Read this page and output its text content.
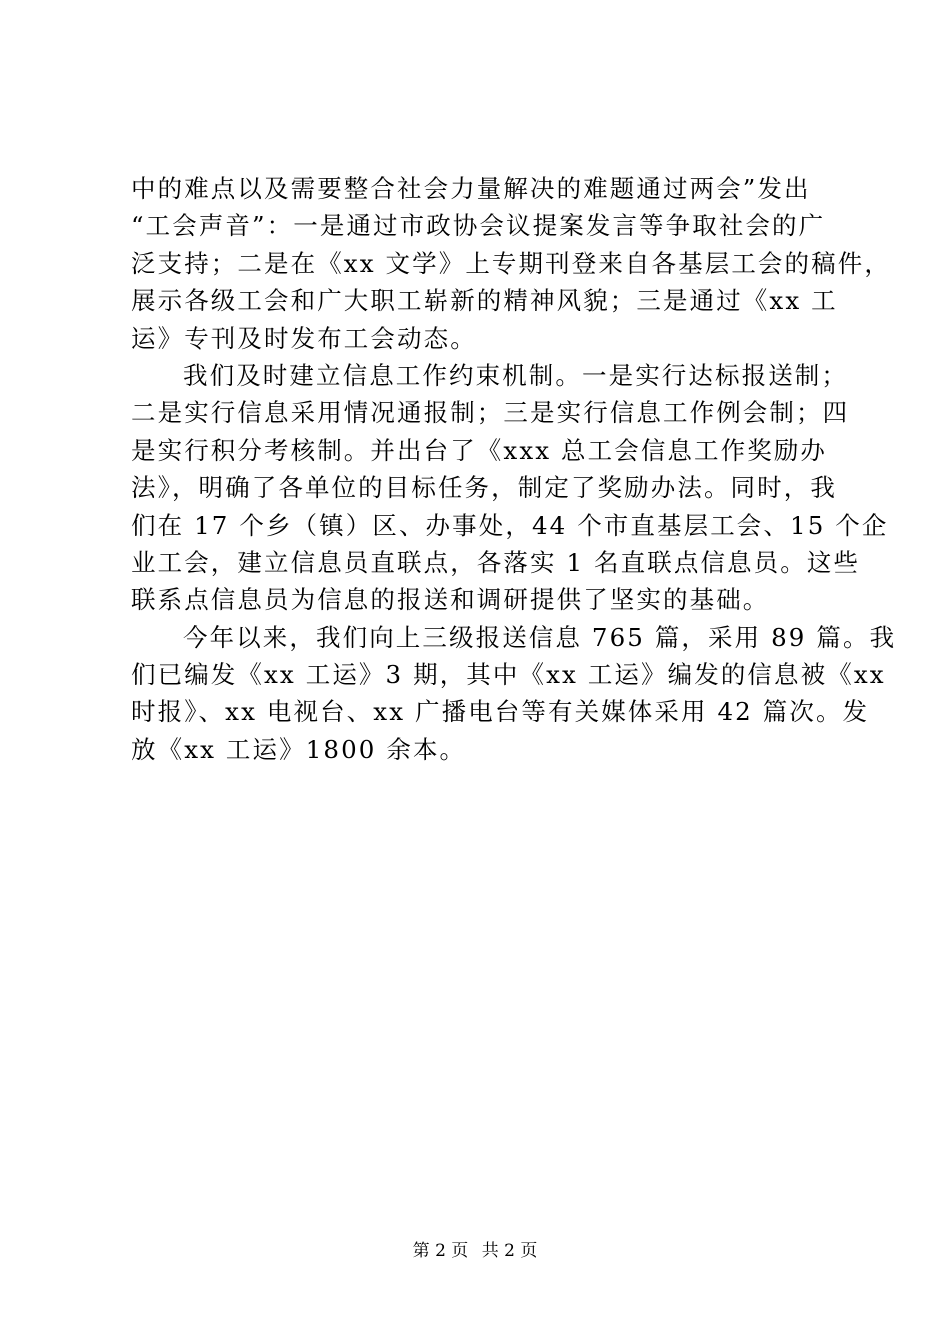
中的难点以及需要整合社会力量解决的难题通过两会”发出
“工会声音”：一是通过市政协会议提案发言等争取社会的广
泛支持；二是在《xx 文学》上专期刊登来自各基层工会的稿件，
展示各级工会和广大职工崭新的精神风貌；三是通过《xx 工
运》专刊及时发布工会动态。
我们及时建立信息工作约束机制。一是实行达标报送制；
二是实行信息采用情况通报制；三是实行信息工作例会制；四
是实行积分考核制。并出台了《xxx 总工会信息工作奖励办
法》，明确了各单位的目标任务，制定了奖励办法。同时，我
们在 17 个乡（镇）区、办事处，44 个市直基层工会、15 个企
业工会，建立信息员直联点，各落实 1 名直联点信息员。这些
联系点信息员为信息的报送和调研提供了坚实的基础。
今年以来，我们向上三级报送信息 765 篇，采用 89 篇。我
们已编发《xx 工运》3 期，其中《xx 工运》编发的信息被《xx
时报》、xx 电视台、xx 广播电台等有关媒体采用 42 篇次。发
放《xx 工运》1800 余本。
第 2 页 共 2 页
